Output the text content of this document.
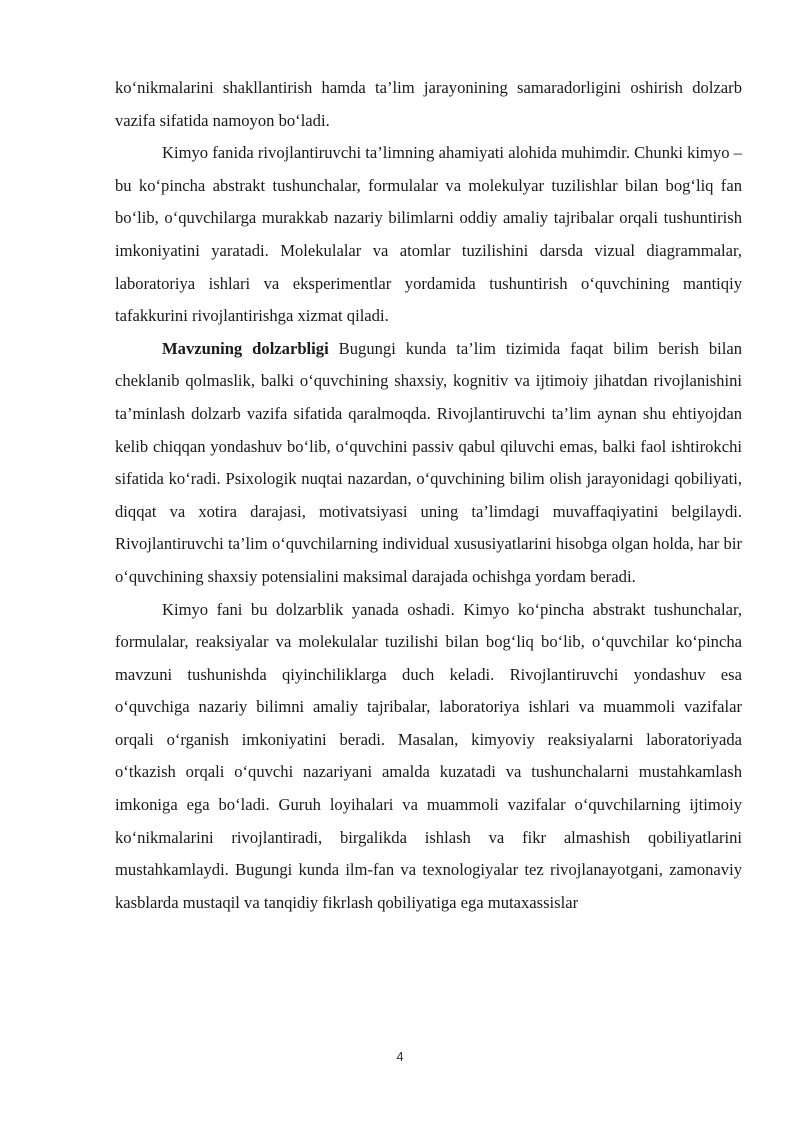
ko‘nikmalarini shakllantirish hamda ta’lim jarayonining samaradorligini oshirish dolzarb vazifa sifatida namoyon bo‘ladi.

Kimyo fanida rivojlantiruvchi ta’limning ahamiyati alohida muhimdir. Chunki kimyo – bu ko‘pincha abstrakt tushunchalar, formulalar va molekulyar tuzilishlar bilan bog‘liq fan bo‘lib, o‘quvchilarga murakkab nazariy bilimlarni oddiy amaliy tajribalar orqali tushuntirish imkoniyatini yaratadi. Molekulalar va atomlar tuzilishini darsda vizual diagrammalar, laboratoriya ishlari va eksperimentlar yordamida tushuntirish o‘quvchining mantiqiy tafakkurini rivojlantirishga xizmat qiladi.

Mavzuning dolzarbligi Bugungi kunda ta’lim tizimida faqat bilim berish bilan cheklanib qolmaslik, balki o‘quvchining shaxsiy, kognitiv va ijtimoiy jihatdan rivojlanishini ta’minlash dolzarb vazifa sifatida qaralmoqda. Rivojlantiruvchi ta’lim aynan shu ehtiyojdan kelib chiqqan yondashuv bo‘lib, o‘quvchini passiv qabul qiluvchi emas, balki faol ishtirokchi sifatida ko‘radi. Psixologik nuqtai nazardan, o‘quvchining bilim olish jarayonidagi qobiliyati, diqqat va xotira darajasi, motivatsiyasi uning ta’limdagi muvaffaqiyatini belgilaydi. Rivojlantiruvchi ta’lim o‘quvchilarning individual xususiyatlarini hisobga olgan holda, har bir o‘quvchining shaxsiy potensialini maksimal darajada ochishga yordam beradi.

Kimyo fani bu dolzarblik yanada oshadi. Kimyo ko‘pincha abstrakt tushunchalar, formulalar, reaksiyalar va molekulalar tuzilishi bilan bog‘liq bo‘lib, o‘quvchilar ko‘pincha mavzuni tushunishda qiyinchiliklarga duch keladi. Rivojlantiruvchi yondashuv esa o‘quvchiga nazariy bilimni amaliy tajribalar, laboratoriya ishlari va muammoli vazifalar orqali o‘rganish imkoniyatini beradi. Masalan, kimyoviy reaksiyalarni laboratoriyada o‘tkazish orqali o‘quvchi nazariyani amalda kuzatadi va tushunchalarni mustahkamlash imkoniga ega bo‘ladi. Guruh loyihalari va muammoli vazifalar o‘quvchilarning ijtimoiy ko‘nikmalarini rivojlantiradi, birgalikda ishlash va fikr almashish qobiliyatlarini mustahkamlaydi. Bugungi kunda ilm-fan va texnologiyalar tez rivojlanayotgani, zamonaviy kasblarda mustaqil va tanqidiy fikrlash qobiliyatiga ega mutaxassislar

4
